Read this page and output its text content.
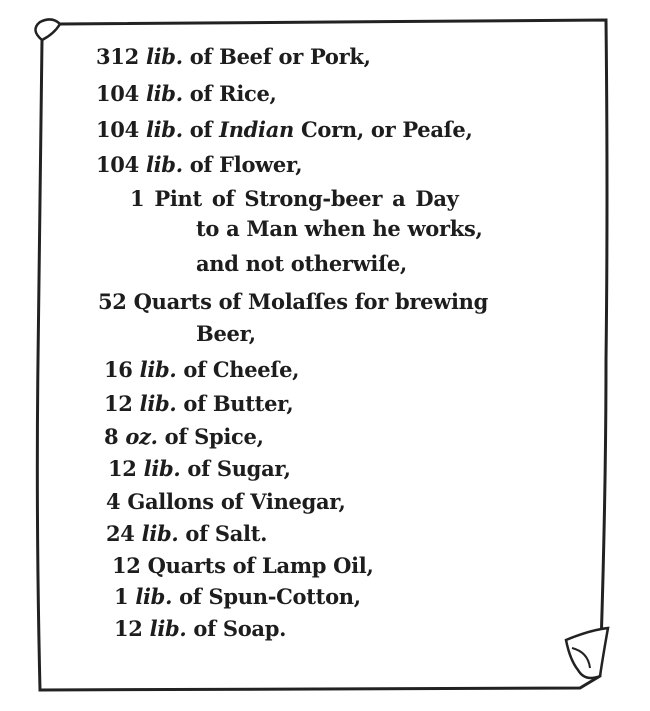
312 lib. of Beef or Pork,
104 lib. of Rice,
104 lib. of Indian Corn, or Peaſe,
104 lib. of Flower,
1 Pint of Strong-beer a Day
to a Man when he works,
and not otherwiſe,
52 Quarts of Molaſſes for brewing
Beer,
16 lib. of Cheeſe,
12 lib. of Butter,
8 oz. of Spice,
12 lib. of Sugar,
4 Gallons of Vinegar,
24 lib. of Salt.
12 Quarts of Lamp Oil,
1 lib. of Spun-Cotton,
12 lib. of Soap.
